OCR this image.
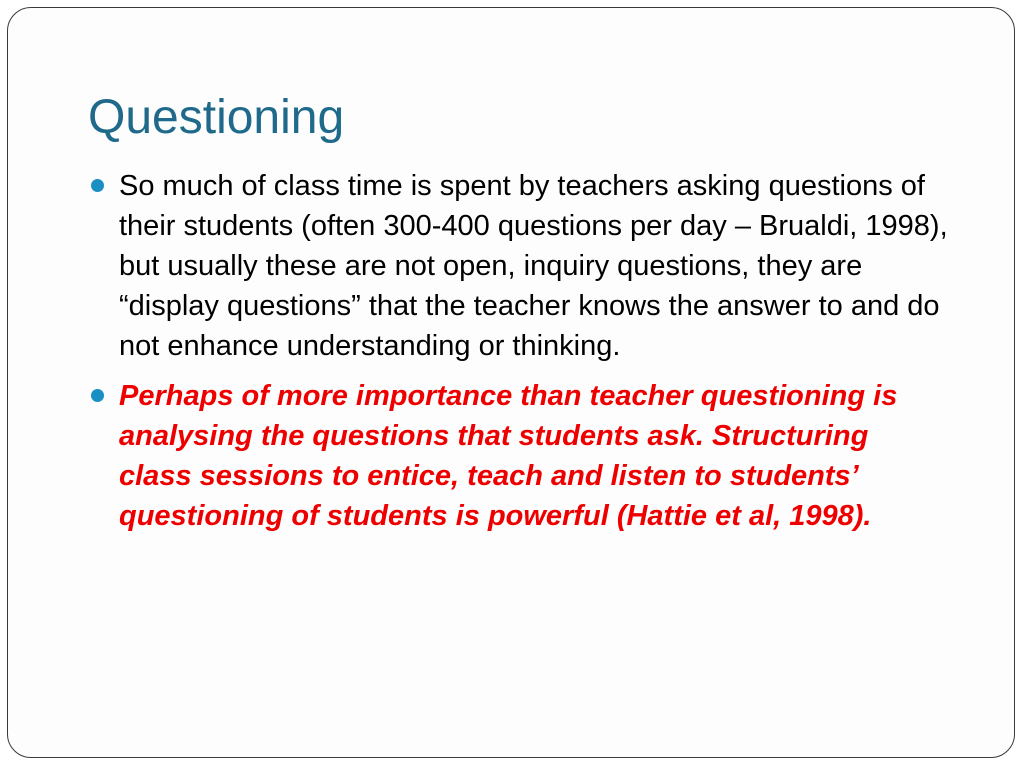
Questioning
So much of class time is spent by teachers asking questions of their students (often 300-400 questions per day – Brualdi, 1998), but usually these are not open, inquiry questions, they are “display questions” that the teacher knows the answer to and do not enhance understanding or thinking.
Perhaps of more importance than teacher questioning is analysing the questions that students ask. Structuring class sessions to entice, teach and listen to students’ questioning of students is powerful (Hattie et al, 1998).
